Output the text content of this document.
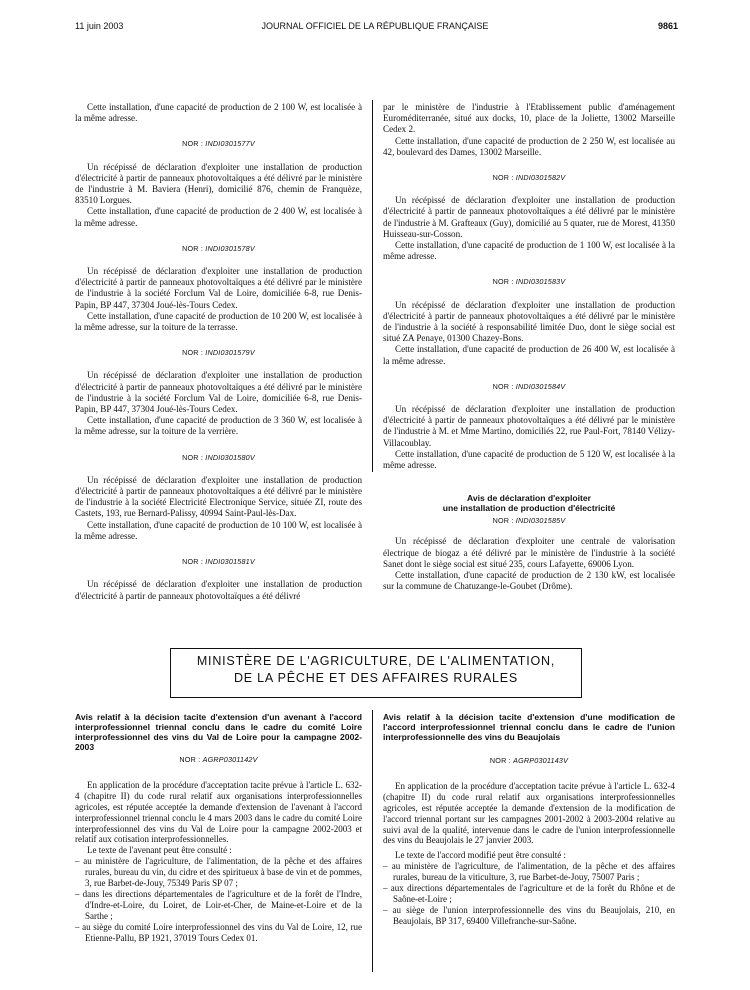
11 juin 2003	JOURNAL OFFICIEL DE LA RÉPUBLIQUE FRANÇAISE	9861

Cette installation, d'une capacité de production de 2 100 W, est localisée à la même adresse.

NOR : INDI0301577V

Un récépissé de déclaration d'exploiter une installation de production d'électricité à partir de panneaux photovoltaïques a été délivré par le ministère de l'industrie à M. Baviera (Henri), domicilié 876, chemin de Franquèze, 83510 Lorgues.

Cette installation, d'une capacité de production de 2 400 W, est localisée à la même adresse.

NOR : INDI0301578V

Un récépissé de déclaration d'exploiter une installation de production d'électricité à partir de panneaux photovoltaïques a été délivré par le ministère de l'industrie à la société Forclum Val de Loire, domiciliée 6-8, rue Denis-Papin, BP 447, 37304 Joué-lès-Tours Cedex.

Cette installation, d'une capacité de production de 10 200 W, est localisée à la même adresse, sur la toiture de la terrasse.

NOR : INDI0301579V

Un récépissé de déclaration d'exploiter une installation de production d'électricité à partir de panneaux photovoltaïques a été délivré par le ministère de l'industrie à la société Forclum Val de Loire, domiciliée 6-8, rue Denis-Papin, BP 447, 37304 Joué-lès-Tours Cedex.

Cette installation, d'une capacité de production de 3 360 W, est localisée à la même adresse, sur la toiture de la verrière.

NOR : INDI0301580V

Un récépissé de déclaration d'exploiter une installation de production d'électricité à partir de panneaux photovoltaïques a été délivré par le ministère de l'industrie à la société Electricité Electronique Service, située ZI, route des Castets, 193, rue Bernard-Palissy, 40994 Saint-Paul-lès-Dax.

Cette installation, d'une capacité de production de 10 100 W, est localisée à la même adresse.

NOR : INDI0301581V

Un récépissé de déclaration d'exploiter une installation de production d'électricité à partir de panneaux photovoltaïques a été délivré

par le ministère de l'industrie à l'Etablissement public d'aménagement Euroméditerranée, situé aux docks, 10, place de la Joliette, 13002 Marseille Cedex 2.

Cette installation, d'une capacité de production de 2 250 W, est localisée au 42, boulevard des Dames, 13002 Marseille.

NOR : INDI0301582V

Un récépissé de déclaration d'exploiter une installation de production d'électricité à partir de panneaux photovoltaïques a été délivré par le ministère de l'industrie à M. Grafteaux (Guy), domicilié au 5 quater, rue de Morest, 41350 Huisseau-sur-Cosson.

Cette installation, d'une capacité de production de 1 100 W, est localisée à la même adresse.

NOR : INDI0301583V

Un récépissé de déclaration d'exploiter une installation de production d'électricité à partir de panneaux photovoltaïques a été délivré par le ministère de l'industrie à la société à responsabilité limitée Duo, dont le siège social est situé ZA Penaye, 01300 Chazey-Bons.

Cette installation, d'une capacité de production de 26 400 W, est localisée à la même adresse.

NOR : INDI0301584V

Un récépissé de déclaration d'exploiter une installation de production d'électricité à partir de panneaux photovoltaïques a été délivré par le ministère de l'industrie à M. et Mme Martino, domiciliés 22, rue Paul-Fort, 78140 Vélizy-Villacoublay.

Cette installation, d'une capacité de production de 5 120 W, est localisée à la même adresse.

Avis de déclaration d'exploiter
une installation de production d'électricité
NOR : INDI0301585V

Un récépissé de déclaration d'exploiter une centrale de valorisation électrique de biogaz a été délivré par le ministère de l'industrie à la société Sanet dont le siège social est situé 235, cours Lafayette, 69006 Lyon.

Cette installation, d'une capacité de production de 2 130 kW, est localisée sur la commune de Chatuzange-le-Goubet (Drôme).

MINISTÈRE DE L'AGRICULTURE, DE L'ALIMENTATION,
DE LA PÊCHE ET DES AFFAIRES RURALES
Avis relatif à la décision tacite d'extension d'un avenant à l'accord interprofessionnel triennal conclu dans le cadre du comité Loire interprofessionnel des vins du Val de Loire pour la campagne 2002-2003
NOR : AGRP0301142V

En application de la procédure d'acceptation tacite prévue à l'article L. 632-4 (chapitre II) du code rural relatif aux organisations interprofessionnelles agricoles, est réputée acceptée la demande d'extension de l'avenant à l'accord interprofessionnel triennal conclu le 4 mars 2003 dans le cadre du comité Loire interprofessionnel des vins du Val de Loire pour la campagne 2002-2003 et relatif aux cotisation interprofessionnelles.

Le texte de l'avenant peut être consulté :

– au ministère de l'agriculture, de l'alimentation, de la pêche et des affaires rurales, bureau du vin, du cidre et des spiritueux à base de vin et de pommes, 3, rue Barbet-de-Jouy, 75349 Paris SP 07 ;
– dans les directions départementales de l'agriculture et de la forêt de l'Indre, d'Indre-et-Loire, du Loiret, de Loir-et-Cher, de Maine-et-Loire et de la Sarthe ;
– au siège du comité Loire interprofessionnel des vins du Val de Loire, 12, rue Etienne-Pallu, BP 1921, 37019 Tours Cedex 01.
Avis relatif à la décision tacite d'extension d'une modification de l'accord interprofessionnel triennal conclu dans le cadre de l'union interprofessionnelle des vins du Beaujolais
NOR : AGRP0301143V

En application de la procédure d'acceptation tacite prévue à l'article L. 632-4 (chapitre II) du code rural relatif aux organisations interprofessionnelles agricoles, est réputée acceptée la demande d'extension de la modification de l'accord triennal portant sur les campagnes 2001-2002 à 2003-2004 relative au suivi aval de la qualité, intervenue dans le cadre de l'union interprofessionnelle des vins du Beaujolais le 27 janvier 2003.

Le texte de l'accord modifié peut être consulté :

– au ministère de l'agriculture, de l'alimentation, de la pêche et des affaires rurales, bureau de la viticulture, 3, rue Barbet-de-Jouy, 75007 Paris ;
– aux directions départementales de l'agriculture et de la forêt du Rhône et de Saône-et-Loire ;
– au siège de l'union interprofessionnelle des vins du Beaujolais, 210, en Beaujolais, BP 317, 69400 Villefranche-sur-Saône.
